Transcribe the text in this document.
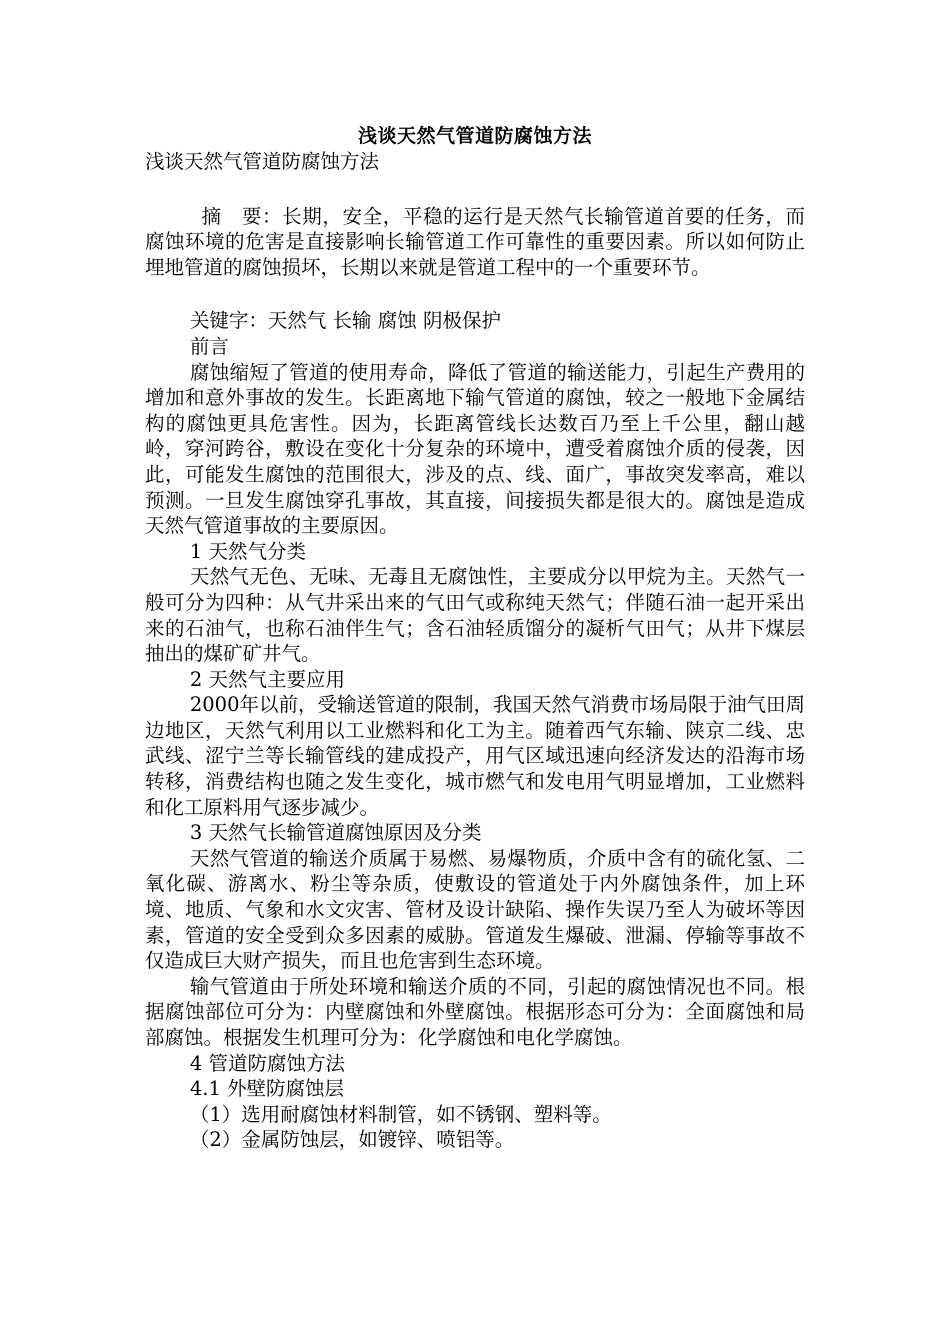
浅谈天然气管道防腐蚀方法

浅谈天然气管道防腐蚀方法

摘　要：长期，安全，平稳的运行是天然气长输管道首要的任务，而腐蚀环境的危害是直接影响长输管道工作可靠性的重要因素。所以如何防止埋地管道的腐蚀损坏，长期以来就是管道工程中的一个重要环节。

关键字：天然气 长输 腐蚀 阴极保护

前言

腐蚀缩短了管道的使用寿命，降低了管道的输送能力，引起生产费用的增加和意外事故的发生。长距离地下输气管道的腐蚀，较之一般地下金属结构的腐蚀更具危害性。因为，长距离管线长达数百乃至上千公里，翻山越岭，穿河跨谷，敷设在变化十分复杂的环境中，遭受着腐蚀介质的侵袭，因此，可能发生腐蚀的范围很大，涉及的点、线、面广，事故突发率高，难以预测。一旦发生腐蚀穿孔事故，其直接，间接损失都是很大的。腐蚀是造成天然气管道事故的主要原因。

1 天然气分类

天然气无色、无味、无毒且无腐蚀性，主要成分以甲烷为主。天然气一般可分为四种：从气井采出来的气田气或称纯天然气；伴随石油一起开采出来的石油气，也称石油伴生气；含石油轻质馏分的凝析气田气；从井下煤层抽出的煤矿矿井气。

2 天然气主要应用

2000年以前，受输送管道的限制，我国天然气消费市场局限于油气田周边地区，天然气利用以工业燃料和化工为主。随着西气东输、陕京二线、忠武线、涩宁兰等长输管线的建成投产，用气区域迅速向经济发达的沿海市场转移，消费结构也随之发生变化，城市燃气和发电用气明显增加，工业燃料和化工原料用气逐步减少。

3 天然气长输管道腐蚀原因及分类

天然气管道的输送介质属于易燃、易爆物质，介质中含有的硫化氢、二氧化碳、游离水、粉尘等杂质，使敷设的管道处于内外腐蚀条件，加上环境、地质、气象和水文灾害、管材及设计缺陷、操作失误乃至人为破坏等因素，管道的安全受到众多因素的威胁。管道发生爆破、泄漏、停输等事故不仅造成巨大财产损失，而且也危害到生态环境。

输气管道由于所处环境和输送介质的不同，引起的腐蚀情况也不同。根据腐蚀部位可分为：内壁腐蚀和外壁腐蚀。根据形态可分为：全面腐蚀和局部腐蚀。根据发生机理可分为：化学腐蚀和电化学腐蚀。

4 管道防腐蚀方法

4.1 外壁防腐蚀层

（1）选用耐腐蚀材料制管，如不锈钢、塑料等。

（2）金属防蚀层，如镀锌、喷铝等。
